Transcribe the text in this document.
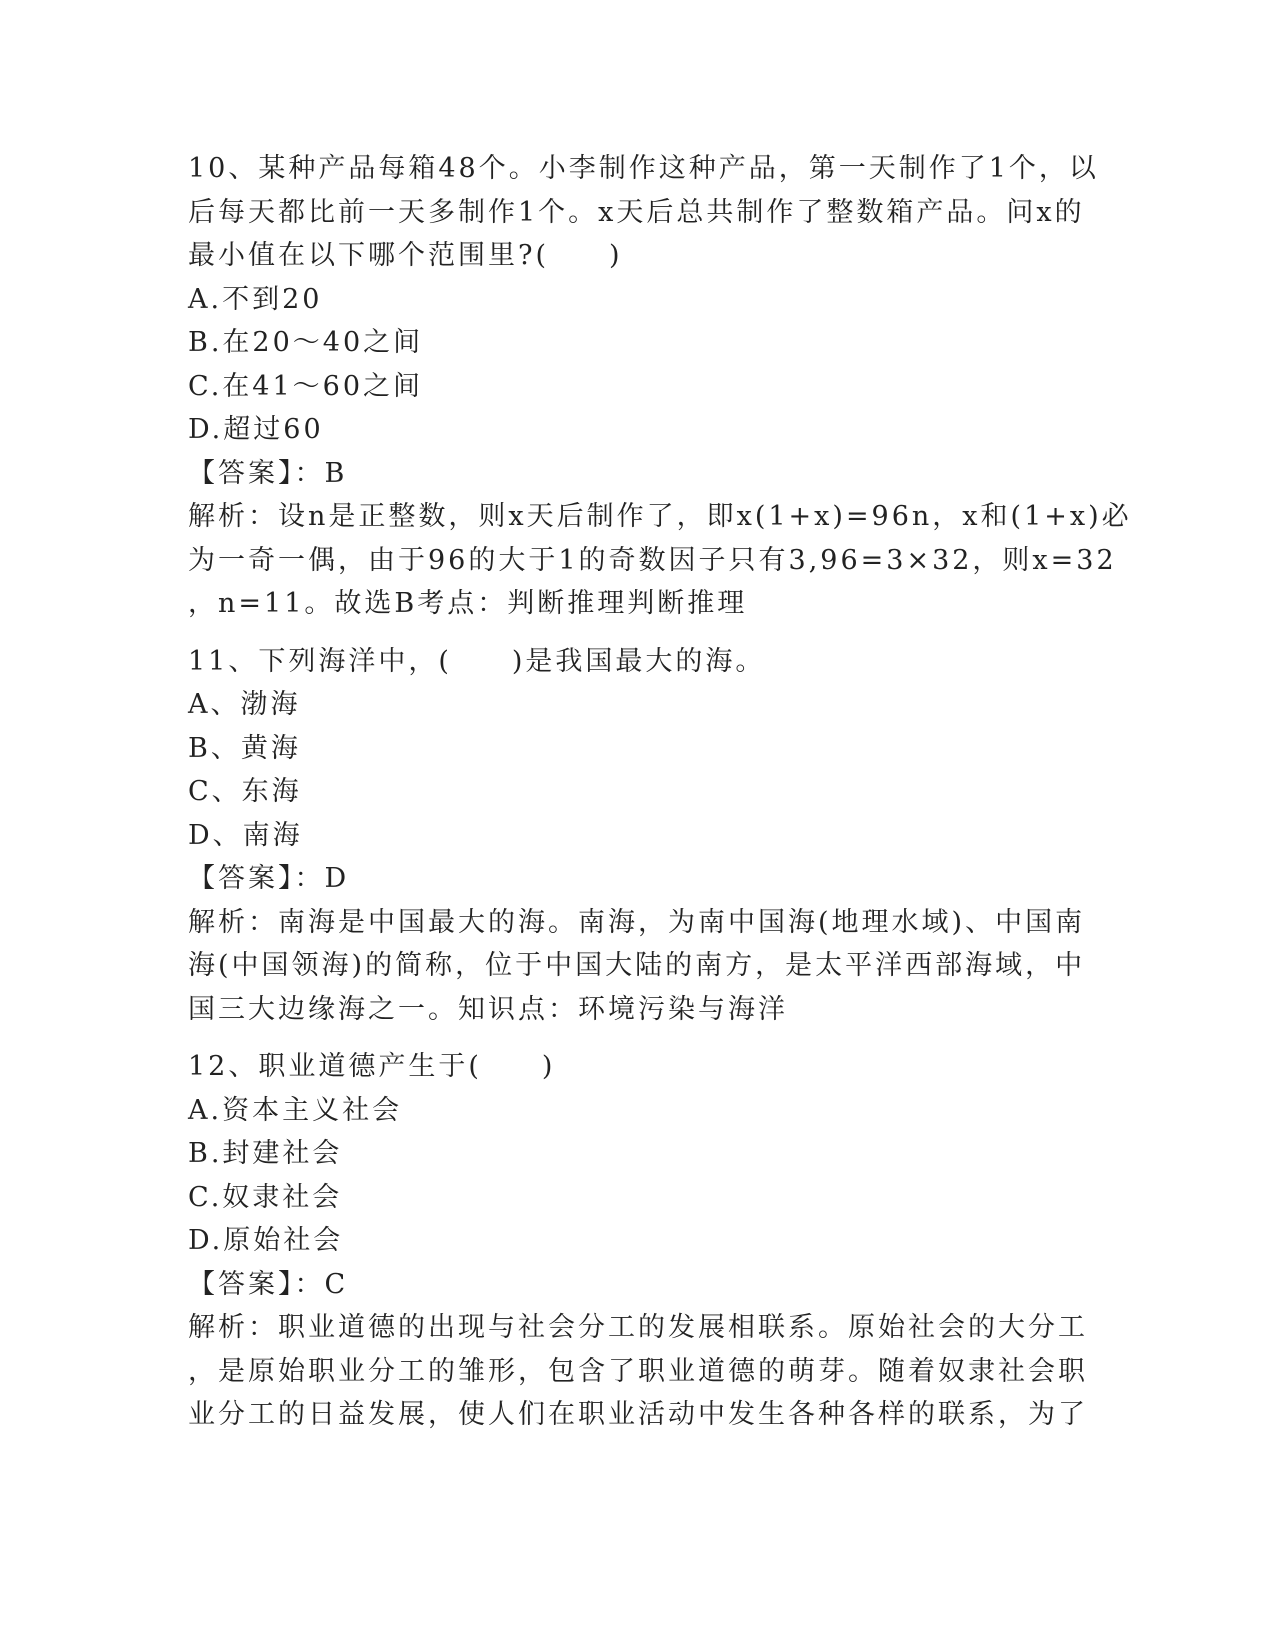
10、某种产品每箱48个。小李制作这种产品，第一天制作了1个，以
后每天都比前一天多制作1个。x天后总共制作了整数箱产品。问x的
最小值在以下哪个范围里?(　　)
A.不到20
B.在20～40之间
C.在41～60之间
D.超过60
【答案】：B
解析：设n是正整数，则x天后制作了，即x(1+x)=96n，x和(1+x)必
为一奇一偶，由于96的大于1的奇数因子只有3,96=3×32，则x=32
，n=11。故选B考点：判断推理判断推理
11、下列海洋中，(　　)是我国最大的海。
A、渤海
B、黄海
C、东海
D、南海
【答案】：D
解析：南海是中国最大的海。南海，为南中国海(地理水域)、中国南
海(中国领海)的简称，位于中国大陆的南方，是太平洋西部海域，中
国三大边缘海之一。知识点：环境污染与海洋
12、职业道德产生于(　　)
A.资本主义社会
B.封建社会
C.奴隶社会
D.原始社会
【答案】：C
解析：职业道德的出现与社会分工的发展相联系。原始社会的大分工
，是原始职业分工的雏形，包含了职业道德的萌芽。随着奴隶社会职
业分工的日益发展，使人们在职业活动中发生各种各样的联系，为了
